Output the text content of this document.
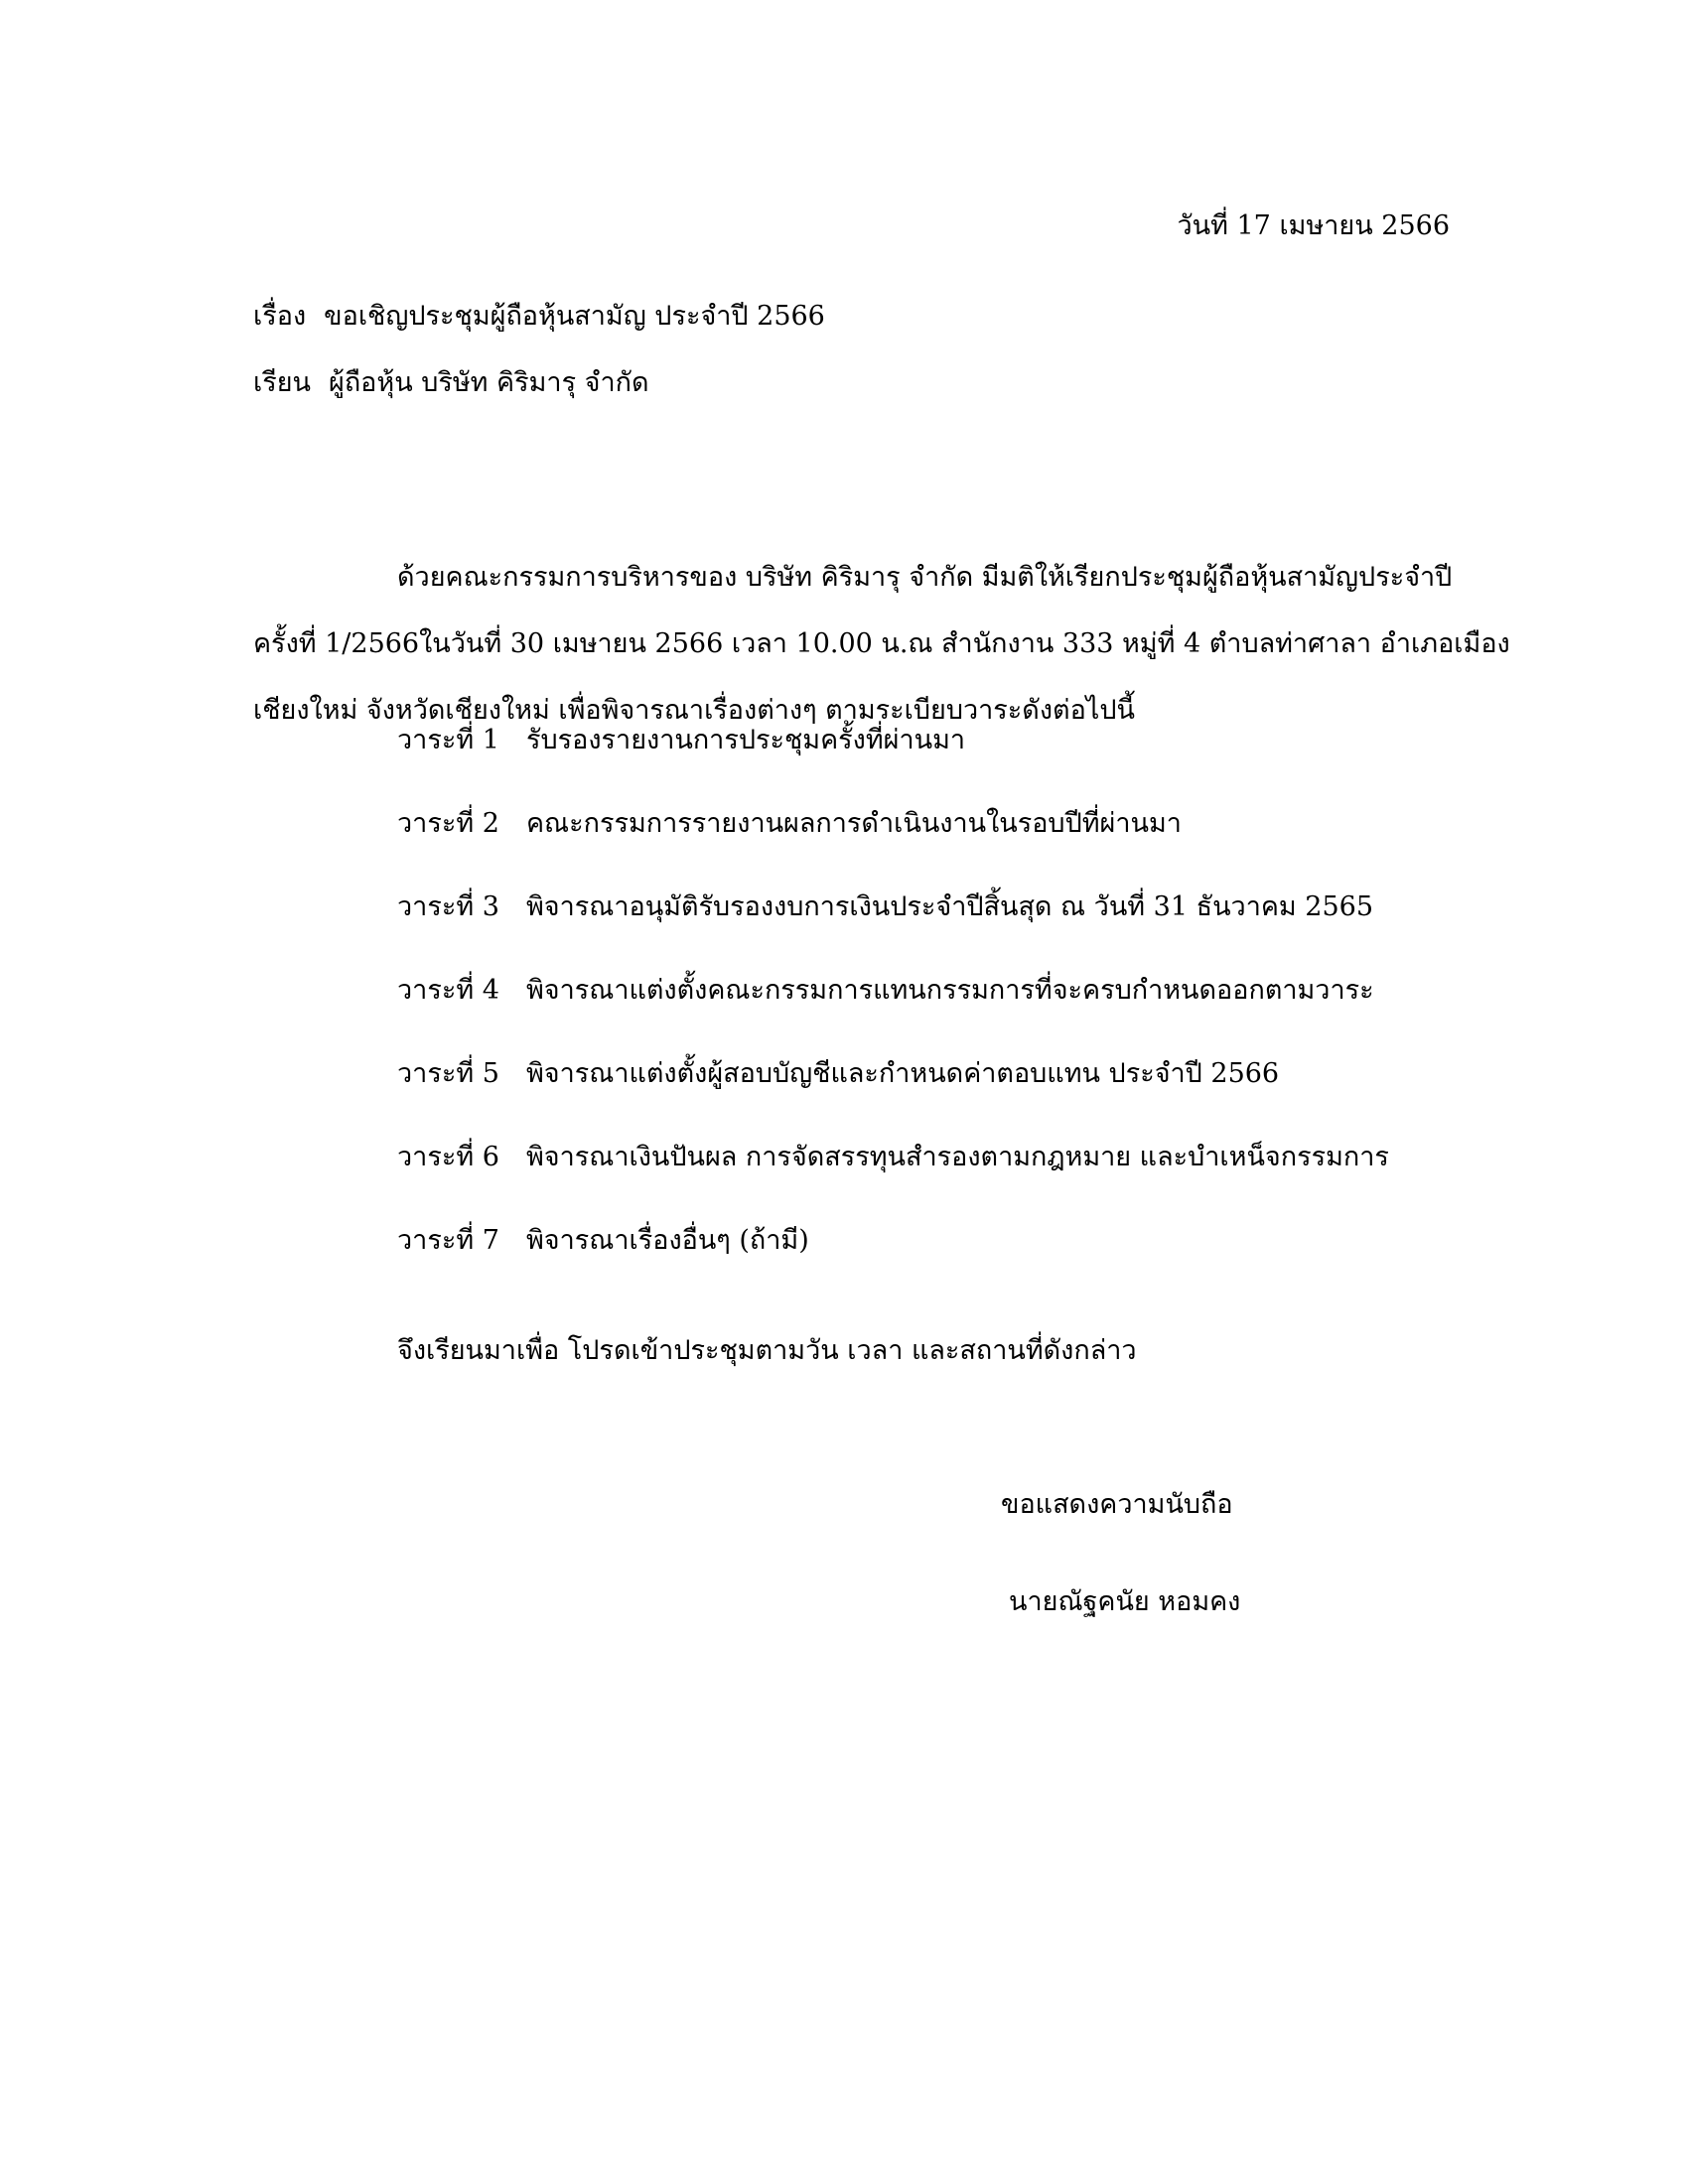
วันที่ 17 เมษายน 2566
เรื่อง ขอเชิญประชุมผู้ถือหุ้นสามัญ ประจำปี 2566
เรียน ผู้ถือหุ้น บริษัท คิริมารุ จำกัด
ด้วยคณะกรรมการบริหารของ บริษัท คิริมารุ จำกัด มีมติให้เรียกประชุมผู้ถือหุ้นสามัญประจำปี
ครั้งที่ 1/2566ในวันที่ 30 เมษายน 2566 เวลา 10.00 น.ณ สำนักงาน 333 หมู่ที่ 4 ตำบลท่าศาลา อำเภอเมือง
เชียงใหม่ จังหวัดเชียงใหม่ เพื่อพิจารณาเรื่องต่างๆ ตามระเบียบวาระดังต่อไปนี้
วาระที่ 1 รับรองรายงานการประชุมครั้งที่ผ่านมา
วาระที่ 2 คณะกรรมการรายงานผลการดำเนินงานในรอบปีที่ผ่านมา
วาระที่ 3 พิจารณาอนุมัติรับรองงบการเงินประจำปีสิ้นสุด ณ วันที่ 31 ธันวาคม 2565
วาระที่ 4 พิจารณาแต่งตั้งคณะกรรมการแทนกรรมการที่จะครบกำหนดออกตามวาระ
วาระที่ 5 พิจารณาแต่งตั้งผู้สอบบัญชีและกำหนดค่าตอบแทน ประจำปี 2566
วาระที่ 6 พิจารณาเงินปันผล การจัดสรรทุนสำรองตามกฎหมาย และบำเหน็จกรรมการ
วาระที่ 7 พิจารณาเรื่องอื่นๆ (ถ้ามี)
จึงเรียนมาเพื่อ โปรดเข้าประชุมตามวัน เวลา และสถานที่ดังกล่าว
ขอแสดงความนับถือ
นายณัฐคนัย หอมคง
